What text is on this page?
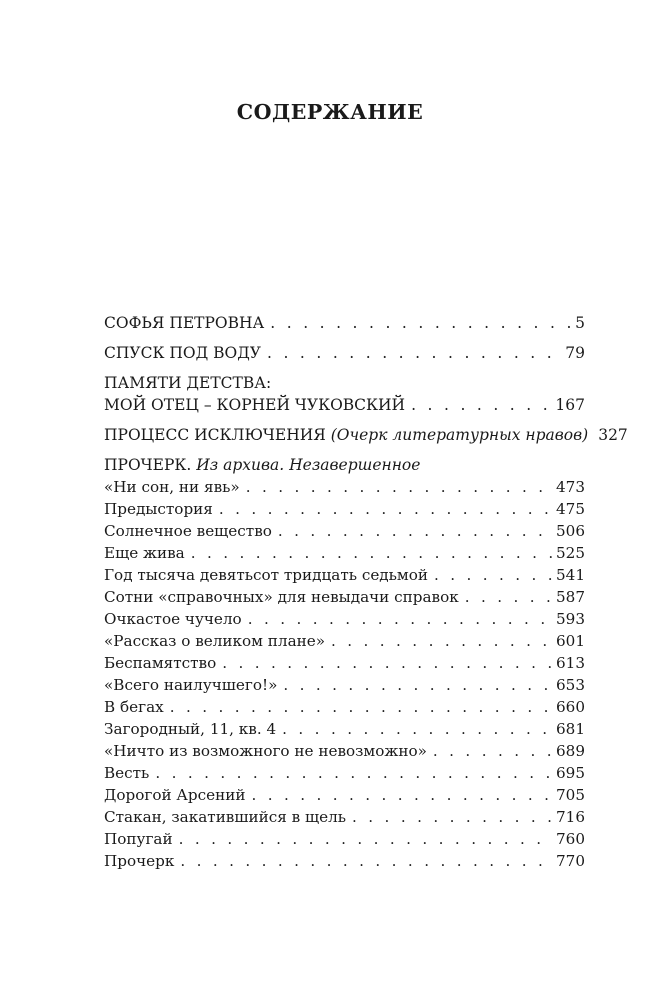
СОДЕРЖАНИЕ
СОФЬЯ ПЕТРОВНА . . .	5
СПУСК ПОД ВОДУ . . .	79
ПАМЯТИ ДЕТСТВА:
МОЙ ОТЕЦ – КОРНЕЙ ЧУКОВСКИЙ . . .	167
ПРОЦЕСС ИСКЛЮЧЕНИЯ (Очерк литературных нравов) 327
ПРОЧЕРК. Из архива. Незавершенное
«Ни сон, ни явь» . . .	473
Предыстория . . .	475
Солнечное вещество . . .	506
Еще жива . . .	525
Год тысяча девятьсот тридцать седьмой . . .	541
Сотни «справочных» для невыдачи справок . . .	587
Очкастое чучело . . .	593
«Рассказ о великом плане» . . .	601
Беспамятство . . .	613
«Всего наилучшего!» . . .	653
В бегах . . .	660
Загородный, 11, кв. 4 . . .	681
«Ничто из возможного не невозможно» . . .	689
Весть . . .	695
Дорогой Арсений . . .	705
Стакан, закатившийся в щель . . .	716
Попугай . . .	760
Прочерк . . .	770
